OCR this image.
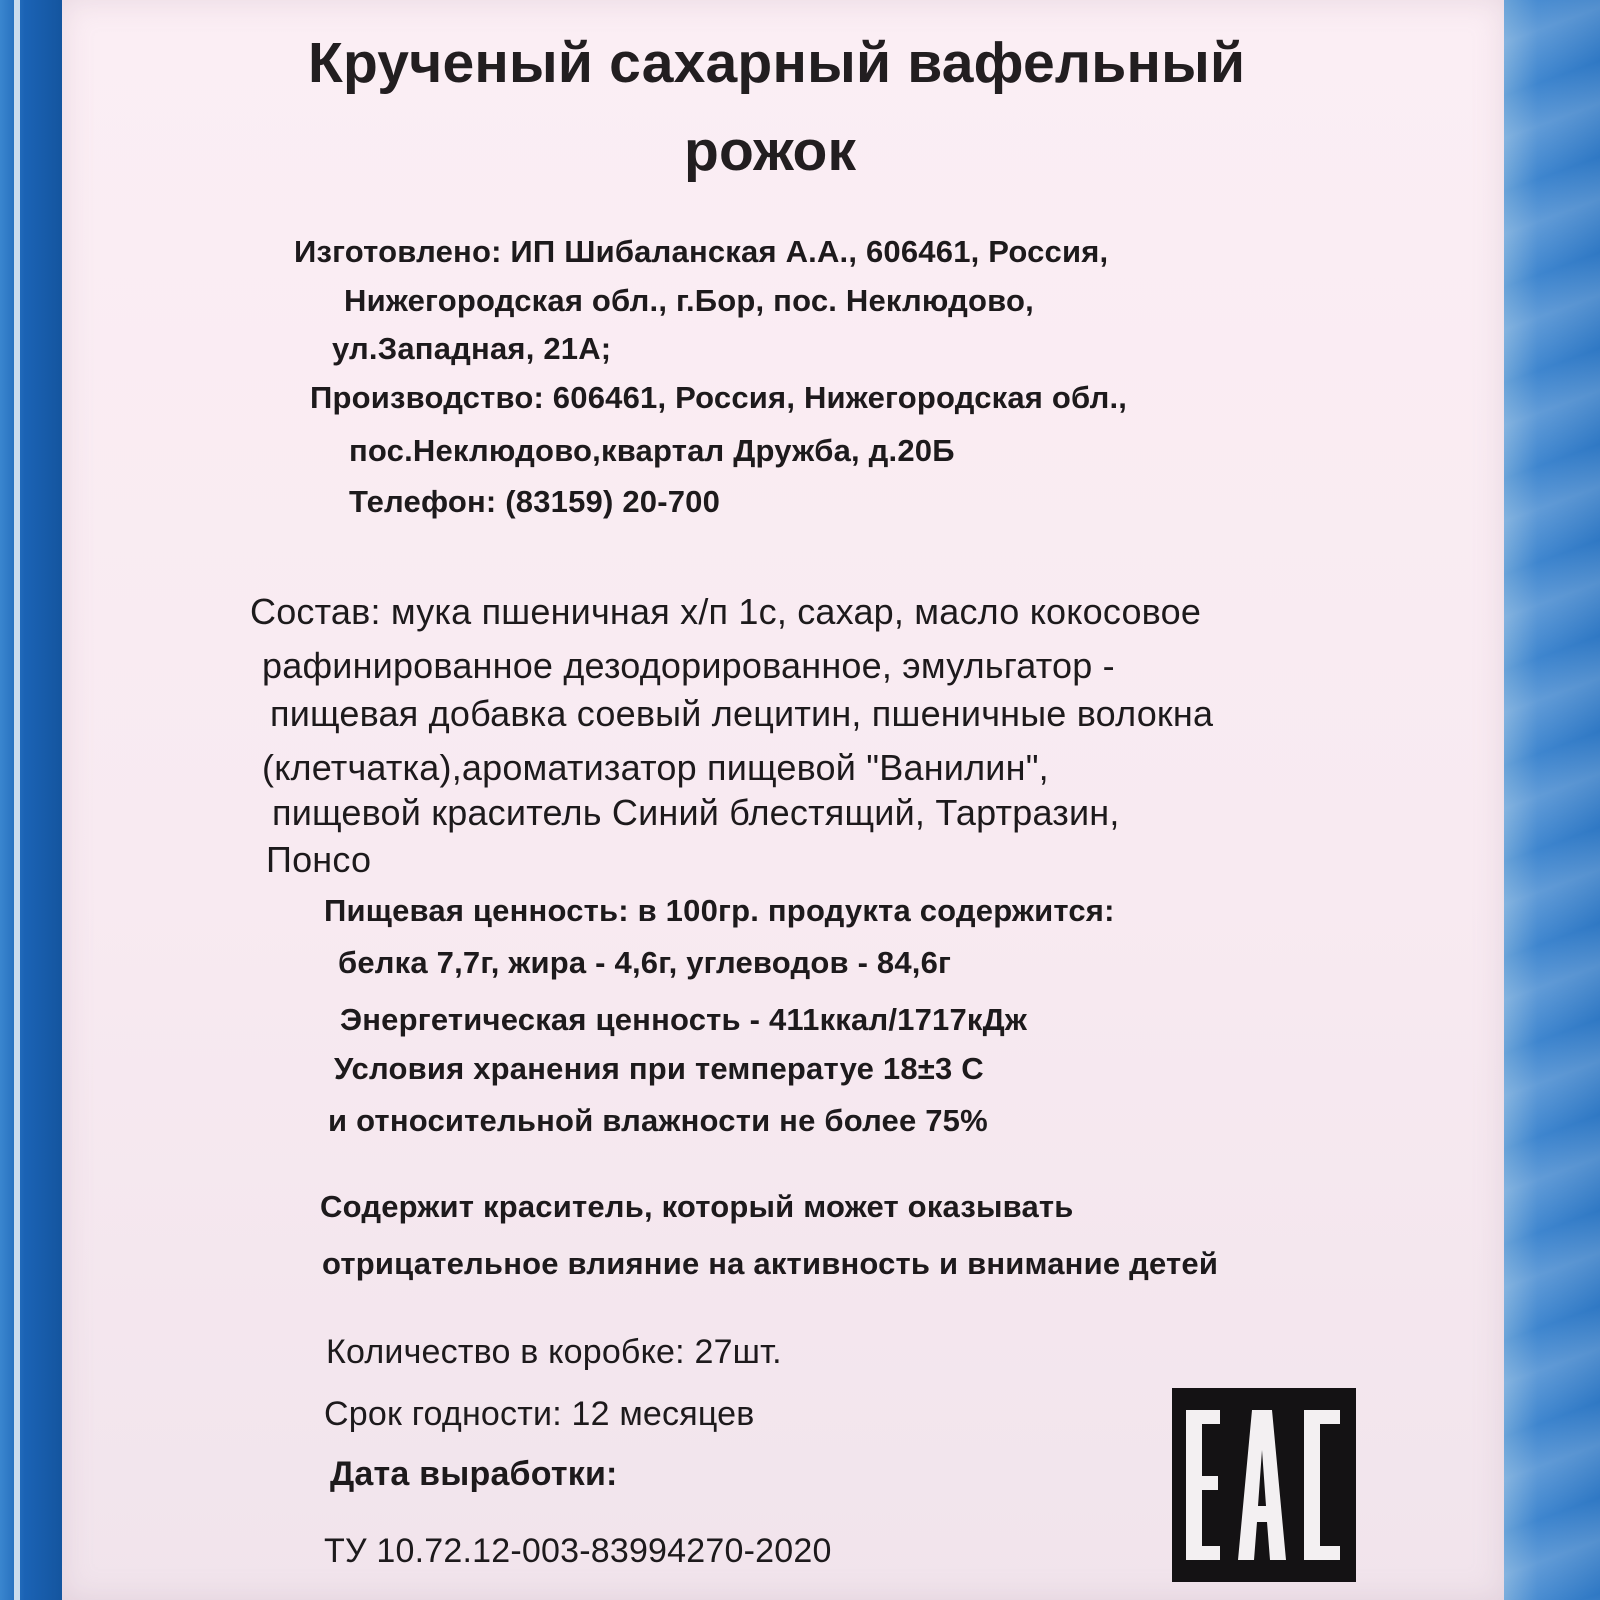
Крученый сахарный вафельный

рожок

Изготовлено: ИП Шибаланская А.А., 606461, Россия,

Нижегородская обл., г.Бор, пос. Неклюдово,

ул.Западная, 21А;

Производство: 606461, Россия, Нижегородская обл.,

пос.Неклюдово,квартал Дружба, д.20Б

Телефон: (83159) 20-700

Состав: мука пшеничная х/п 1с, сахар, масло кокосовое

рафинированное дезодорированное, эмульгатор -

пищевая добавка соевый лецитин, пшеничные волокна

(клетчатка),ароматизатор пищевой "Ванилин",

пищевой краситель Синий блестящий, Тартразин,

Понсо

Пищевая ценность: в 100гр. продукта содержится:

белка 7,7г, жира - 4,6г, углеводов - 84,6г

Энергетическая ценность - 411ккал/1717кДж

Условия хранения при температуе 18±3 С

и относительной влажности не более 75%

Содержит краситель, который может оказывать

отрицательное влияние на активность и внимание детей

Количество в коробке: 27шт.

Срок годности: 12 месяцев

Дата выработки:

ТУ 10.72.12-003-83994270-2020
